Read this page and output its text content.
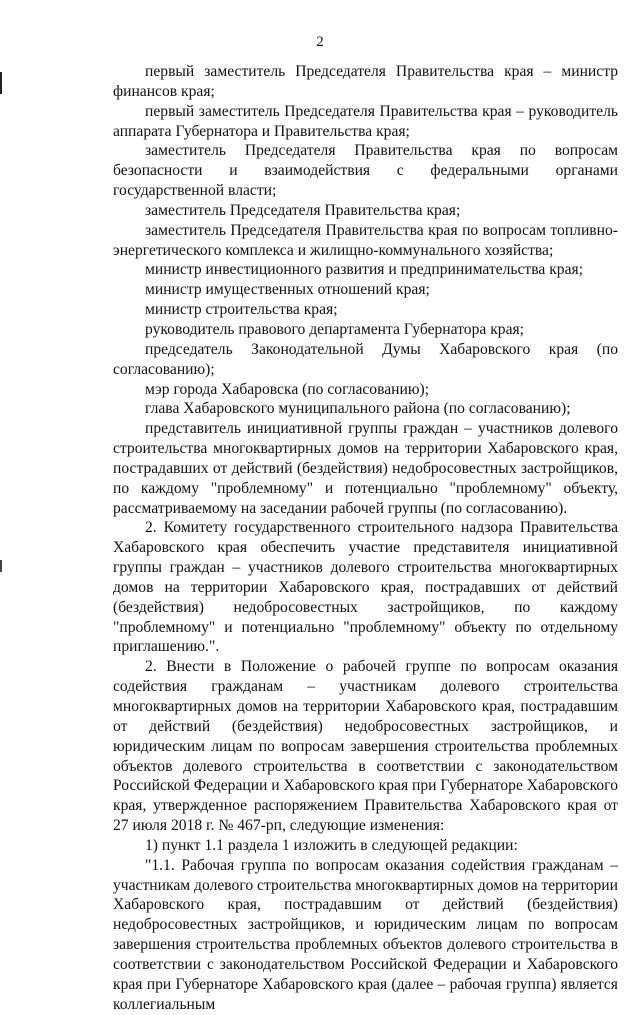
2

первый заместитель Председателя Правительства края – министр финансов края;

первый заместитель Председателя Правительства края – руководитель аппарата Губернатора и Правительства края;

заместитель Председателя Правительства края по вопросам безопасности и взаимодействия с федеральными органами государственной власти;

заместитель Председателя Правительства края;

заместитель Председателя Правительства края по вопросам топливно-энергетического комплекса и жилищно-коммунального хозяйства;

министр инвестиционного развития и предпринимательства края;

министр имущественных отношений края;

министр строительства края;

руководитель правового департамента Губернатора края;

председатель Законодательной Думы Хабаровского края (по согласованию);

мэр города Хабаровска (по согласованию);

глава Хабаровского муниципального района (по согласованию);

представитель инициативной группы граждан – участников долевого строительства многоквартирных домов на территории Хабаровского края, пострадавших от действий (бездействия) недобросовестных застройщиков, по каждому "проблемному" и потенциально "проблемному" объекту, рассматриваемому на заседании рабочей группы (по согласованию).

2. Комитету государственного строительного надзора Правительства Хабаровского края обеспечить участие представителя инициативной группы граждан – участников долевого строительства многоквартирных домов на территории Хабаровского края, пострадавших от действий (бездействия) недобросовестных застройщиков, по каждому "проблемному" и потенциально "проблемному" объекту по отдельному приглашению.".

2. Внести в Положение о рабочей группе по вопросам оказания содействия гражданам – участникам долевого строительства многоквартирных домов на территории Хабаровского края, пострадавшим от действий (бездействия) недобросовестных застройщиков, и юридическим лицам по вопросам завершения строительства проблемных объектов долевого строительства в соответствии с законодательством Российской Федерации и Хабаровского края при Губернаторе Хабаровского края, утвержденное распоряжением Правительства Хабаровского края от 27 июля 2018 г. № 467-рп, следующие изменения:

1) пункт 1.1 раздела 1 изложить в следующей редакции:

"1.1. Рабочая группа по вопросам оказания содействия гражданам – участникам долевого строительства многоквартирных домов на территории Хабаровского края, пострадавшим от действий (бездействия) недобросовестных застройщиков, и юридическим лицам по вопросам завершения строительства проблемных объектов долевого строительства в соответствии с законодательством Российской Федерации и Хабаровского края при Губернаторе Хабаровского края (далее – рабочая группа) является коллегиальным
